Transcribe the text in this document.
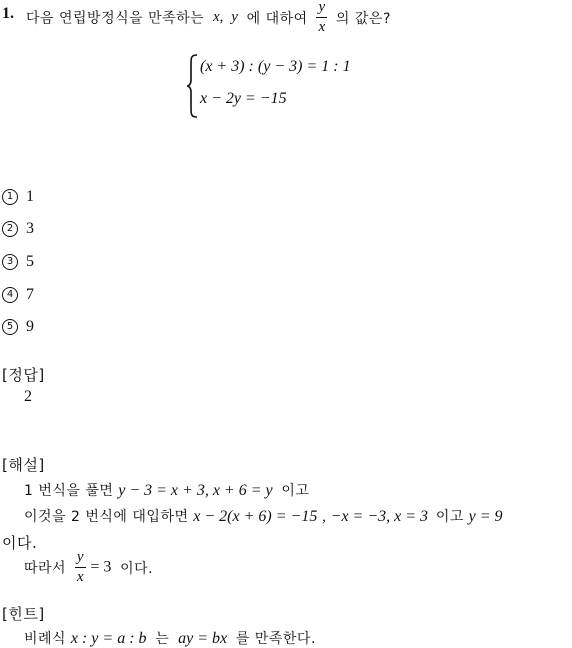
1. 다음 연립방정식을 만족하는 x, y 에 대하여 $\frac{y}{x}$ 의 값은?
(x + 3) : (y − 3) = 1 : 1
x − 2y = −15
1 1
2 3
3 5
4 7
5 9
[정답]
2
[해설]
1 번식을 풀면 y − 3 = x + 3, x + 6 = y 이고
이것을 2 번식에 대입하면 x − 2(x + 6) = −15 , −x = −3, x = 3 이고 y = 9
이다.
따라서 $\frac{y}{x} = 3$ 이다.
[힌트]
비례식 x : y = a : b 는 ay = bx 를 만족한다.
